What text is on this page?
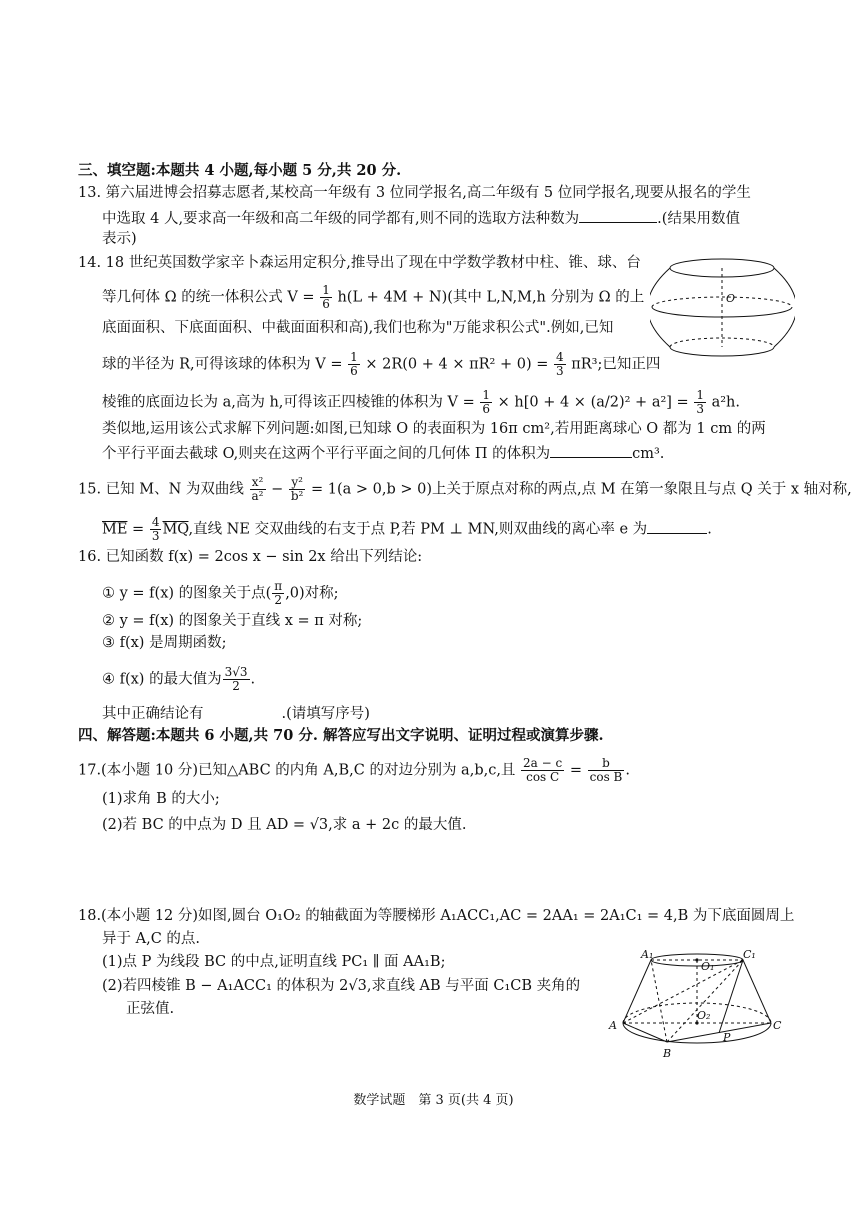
三、填空题:本题共 4 小题,每小题 5 分,共 20 分.
13. 第六届进博会招募志愿者,某校高一年级有 3 位同学报名,高二年级有 5 位同学报名,现要从报名的学生
中选取 4 人,要求高一年级和高二年级的同学都有,则不同的选取方法种数为	.(结果用数值
表示)
14. 18 世纪英国数学家辛卜森运用定积分,推导出了现在中学数学教材中柱、锥、球、台
等几何体 Ω 的统一体积公式 $V = \frac{1}{6} h(L + 4M + N)$(其中 L,N,M,h 分别为 Ω 的上
底面面积、下底面面积、中截面面积和高),我们也称为"万能求积公式".例如,已知
球的半径为 R,可得该球的体积为 $V = \frac{1}{6} \times 2R(0 + 4 \times \pi R^2 + 0) = \frac{4}{3} \pi R^3$;已知正四
棱锥的底面边长为 a,高为 h,可得该正四棱锥的体积为 $V = \frac{1}{6} \times h[0 + 4 \times (a/2)^2 + a^2] = \frac{1}{3} a^2h$.
类似地,运用该公式求解下列问题:如图,已知球 O 的表面积为 16π cm²,若用距离球心 O 都为 1 cm 的两
个平行平面去截球 O,则夹在这两个平行平面之间的几何体 Π 的体积为	cm³.
O
15. 已知 M、N 为双曲线 $\frac{\text{x²}}{\text{a²}} - \frac{\text{y²}}{\text{b²}} = 1(a > 0,b > 0)$上关于原点对称的两点,点 M 在第一象限且与点 Q 关于 x 轴对称,
$\overline{ME} = \frac{4}{3} \overline{MQ}$,直线 NE 交双曲线的右支于点 P,若 PM ⊥ MN,则双曲线的离心率 e 为	.
16. 已知函数 f(x) = 2cos x − sin 2x 给出下列结论:
① y = f(x) 的图象关于点( $\frac{\pi}{2} ,0$)对称;
② y = f(x) 的图象关于直线 x = π 对称;
③ f(x) 是周期函数;
④ f(x) 的最大值为 $\frac{3√3}{2}$ .
其中正确结论有	.(请填写序号)
四、解答题:本题共 6 小题,共 70 分. 解答应写出文字说明、证明过程或演算步骤.
17.(本小题 10 分)已知△ABC 的内角 A,B,C 的对边分别为 a,b,c,且 $\frac{2a - c}{\text{cos C}} = \frac{b}{\text{cos B}}$ .
(1)求角 B 的大小;
(2)若 BC 的中点为 D 且 AD = √3,求 a + 2c 的最大值.
18.(本小题 12 分)如图,圆台 O₁O₂ 的轴截面为等腰梯形 A₁ACC₁,AC = 2AA₁ = 2A₁C₁ = 4,B 为下底面圆周上
异于 A,C 的点.
(1)点 P 为线段 BC 的中点,证明直线 PC₁ ∥ 面 AA₁B;
(2)若四棱锥 B − A₁ACC₁ 的体积为 2√3,求直线 AB 与平面 C₁CB 夹角的
正弦值.
A₁
O₁
C₁
A
O₂
P
C
B
数学试题　第 3 页(共 4 页)
